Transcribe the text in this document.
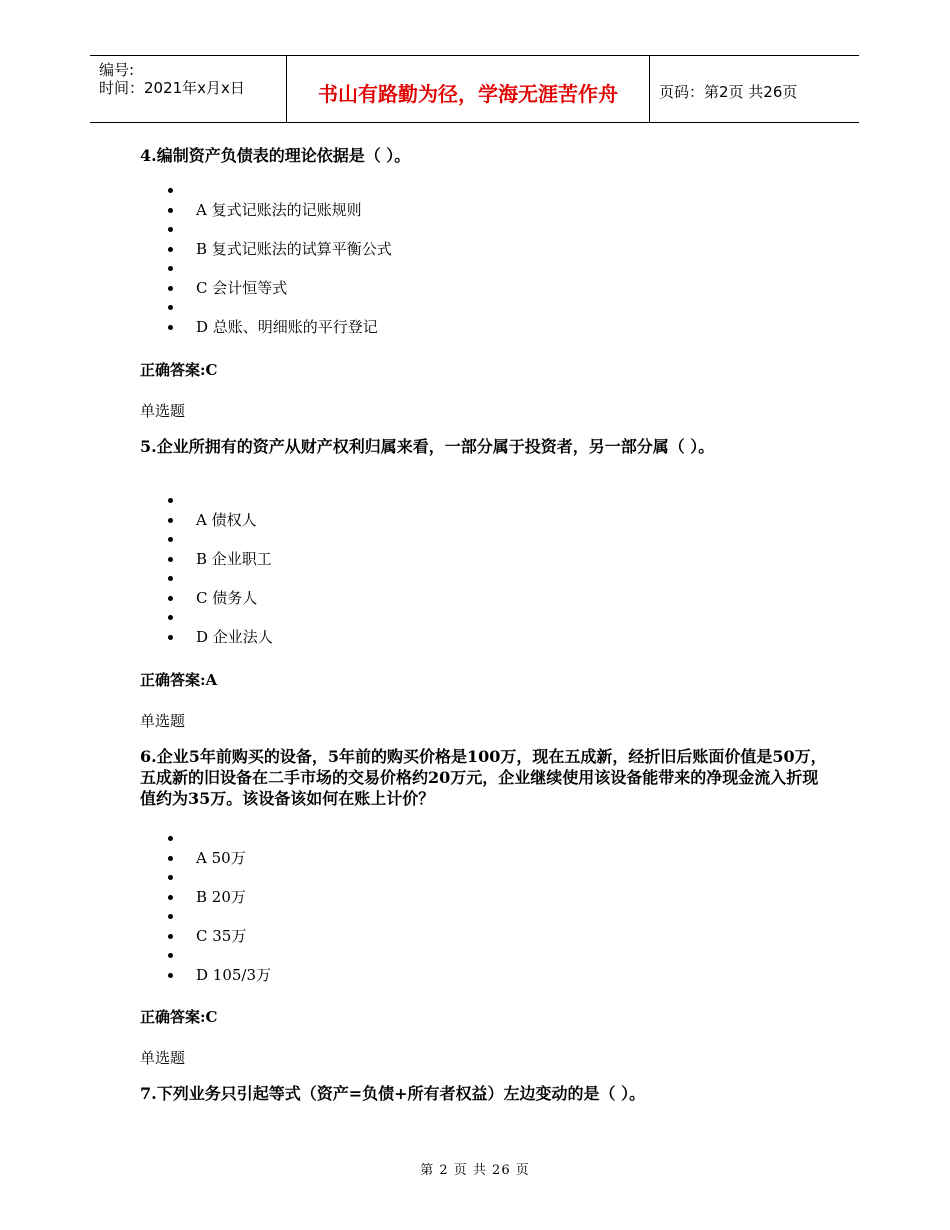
编号:
时间：2021年x月x日	书山有路勤为径，学海无涯苦作舟	页码：第2页 共26页
4.编制资产负债表的理论依据是（ ）。
A 复式记账法的记账规则
B 复式记账法的试算平衡公式
C 会计恒等式
D 总账、明细账的平行登记
正确答案:C
单选题
5.企业所拥有的资产从财产权利归属来看，一部分属于投资者，另一部分属（ ）。
A 债权人
B 企业职工
C 债务人
D 企业法人
正确答案:A
单选题
6.企业5年前购买的设备，5年前的购买价格是100万，现在五成新，经折旧后账面价值是50万， 五成新的旧设备在二手市场的交易价格约20万元，企业继续使用该设备能带来的净现金流入折现值约为35万。该设备该如何在账上计价？
A 50万
B 20万
C 35万
D 105/3万
正确答案:C
单选题
7.下列业务只引起等式（资产=负债+所有者权益）左边变动的是（ ）。
第 2 页 共 26 页
